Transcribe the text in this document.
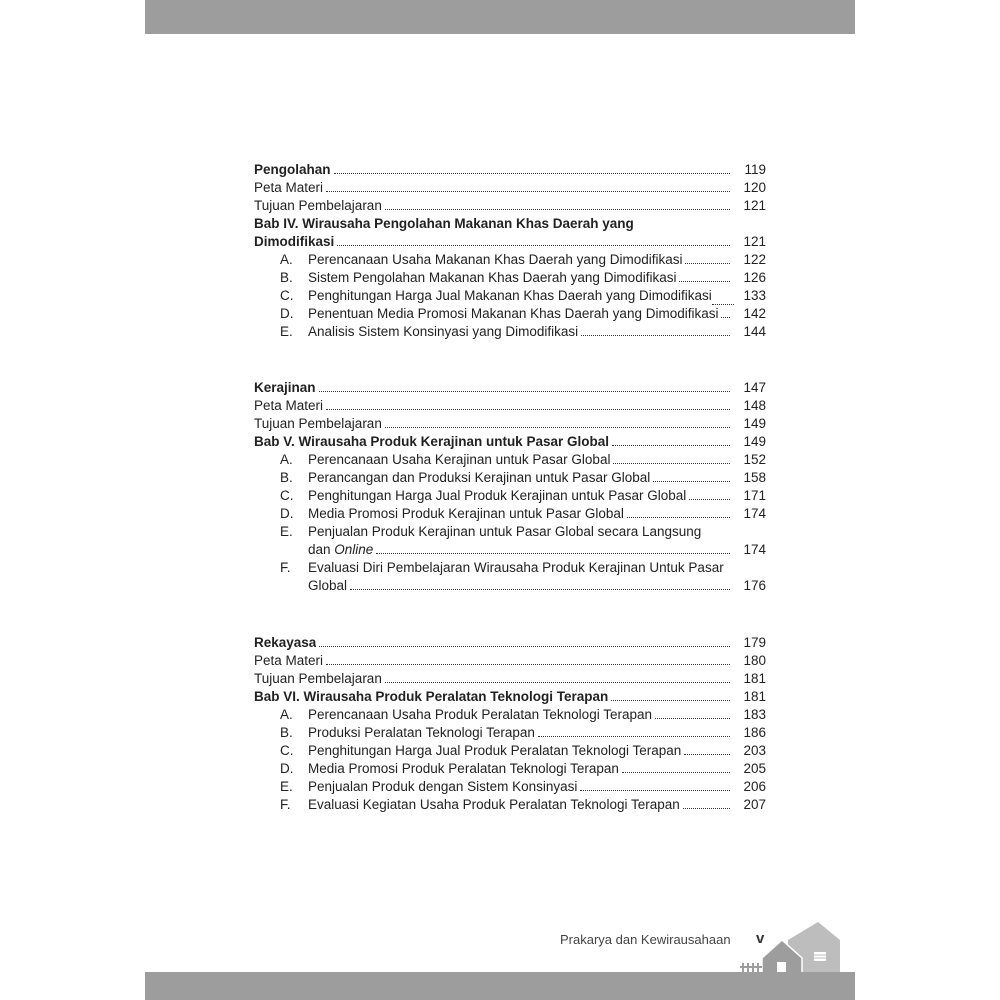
Pengolahan	119
Peta Materi	120
Tujuan Pembelajaran	121
Bab IV. Wirausaha Pengolahan Makanan Khas Daerah yang
Dimodifikasi	121
A.	Perencanaan Usaha Makanan Khas Daerah yang Dimodifikasi	122
B.	Sistem Pengolahan Makanan Khas Daerah yang Dimodifikasi	126
C.	Penghitungan Harga Jual Makanan Khas Daerah yang Dimodifikasi	133
D.	Penentuan Media Promosi Makanan Khas Daerah yang Dimodifikasi	142
E.	Analisis Sistem Konsinyasi yang Dimodifikasi	144
Kerajinan	147
Peta Materi	148
Tujuan Pembelajaran	149
Bab V. Wirausaha Produk Kerajinan untuk Pasar Global	149
A.	Perencanaan Usaha Kerajinan untuk Pasar Global	152
B.	Perancangan dan Produksi Kerajinan untuk Pasar Global	158
C.	Penghitungan Harga Jual Produk Kerajinan untuk Pasar Global	171
D.	Media Promosi Produk Kerajinan untuk Pasar Global	174
E.	Penjualan Produk Kerajinan untuk Pasar Global secara Langsung
dan Online	174
F.	Evaluasi Diri Pembelajaran Wirausaha Produk Kerajinan Untuk Pasar
Global	176
Rekayasa	179
Peta Materi	180
Tujuan Pembelajaran	181
Bab VI. Wirausaha Produk Peralatan Teknologi Terapan	181
A.	Perencanaan Usaha Produk Peralatan Teknologi Terapan	183
B.	Produksi Peralatan Teknologi Terapan	186
C.	Penghitungan Harga Jual Produk Peralatan Teknologi Terapan	203
D.	Media Promosi Produk Peralatan Teknologi Terapan	205
E.	Penjualan Produk dengan Sistem Konsinyasi	206
F.	Evaluasi Kegiatan Usaha Produk Peralatan Teknologi Terapan	207
Prakarya dan Kewirausahaan v
